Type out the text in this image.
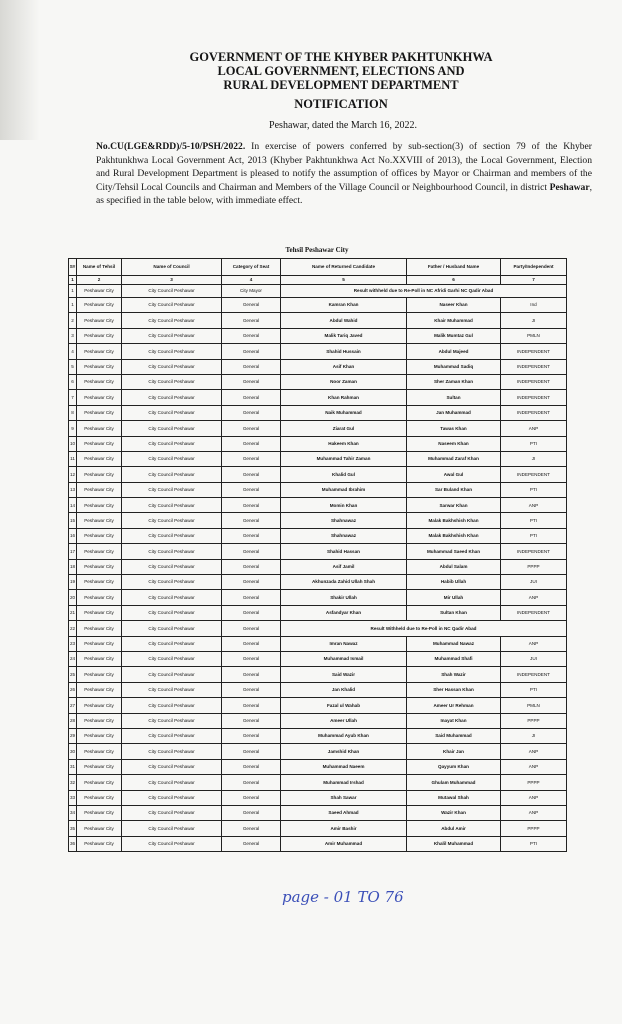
GOVERNMENT OF THE KHYBER PAKHTUNKHWA
LOCAL GOVERNMENT, ELECTIONS AND
RURAL DEVELOPMENT DEPARTMENT
NOTIFICATION
Peshawar, dated the March 16, 2022.
No.CU(LGE&RDD)/5-10/PSH/2022. In exercise of powers conferred by sub-section(3) of section 79 of the Khyber Pakhtunkhwa Local Government Act, 2013 (Khyber Pakhtunkhwa Act No.XXVIII of 2013), the Local Government, Election and Rural Development Department is pleased to notify the assumption of offices by Mayor or Chairman and members of the City/Tehsil Local Councils and Chairman and Members of the Village Council or Neighbourhood Council, in district Peshawar, as specified in the table below, with immediate effect.
Tehsil Peshawar City
S#	Name of Tehsil	Name of Council	Category of Seat	Name of Returned Candidate	Father / Husband Name	Party/Independent
1	2	3	4	5	6	7
1	Peshawar City	City Council Peshawar	City Mayor	Result withheld due to Re-Poll in NC Afridi Garhi NC Qadir Abad		
1	Peshawar City	City Council Peshawar	General	Kamran Khan	Naseer Khan	Ind
2	Peshawar City	City Council Peshawar	General	Abdul Wahid	Khair Muhammad	JI
3	Peshawar City	City Council Peshawar	General	Malik Tariq Javed	Malik Mumtaz Gul	PMLN
4	Peshawar City	City Council Peshawar	General	Shahid Hussain	Abdul Majeed	INDEPENDENT
5	Peshawar City	City Council Peshawar	General	Asif Khan	Muhammad Sadiq	INDEPENDENT
6	Peshawar City	City Council Peshawar	General	Noor Zaman	Sher Zaman Khan	INDEPENDENT
7	Peshawar City	City Council Peshawar	General	Khan Rahman	Sultan	INDEPENDENT
8	Peshawar City	City Council Peshawar	General	Naik Muhammad	Jan Muhammad	INDEPENDENT
9	Peshawar City	City Council Peshawar	General	Ziarat Gul	Tawas Khan	ANP
10	Peshawar City	City Council Peshawar	General	Hakeem Khan	Naseem Khan	PTI
11	Peshawar City	City Council Peshawar	General	Muhammad Tahir Zaman	Muhammad Zaraf Khan	JI
12	Peshawar City	City Council Peshawar	General	Khalid Gul	Awal Gul	INDEPENDENT
13	Peshawar City	City Council Peshawar	General	Muhammad Ibrahim	Sar Buland Khan	PTI
14	Peshawar City	City Council Peshawar	General	Momin Khan	Sarwar Khan	ANP
15	Peshawar City	City Council Peshawar	General	Shahnawaz	Malak Bakhshish Khan	PTI
16	Peshawar City	City Council Peshawar	General	Shahnawaz	Malak Bakhshish Khan	PTI
17	Peshawar City	City Council Peshawar	General	Shahid Hassan	Muhammad Saeed Khan	INDEPENDENT
18	Peshawar City	City Council Peshawar	General	Asif Jamil	Abdul Salam	PPPP
19	Peshawar City	City Council Peshawar	General	Akhunzada Zahid Ullah Shah	Habib Ullah	JUI
20	Peshawar City	City Council Peshawar	General	Shakir Ullah	Mir Ullah	ANP
21	Peshawar City	City Council Peshawar	General	Asfandyar Khan	Sultan Khan	INDEPENDENT
22	Peshawar City	City Council Peshawar	General	Result Withheld due to Re-Poll in NC Qadir Abad		
23	Peshawar City	City Council Peshawar	General	Imran Nawaz	Muhammad Nawaz	ANP
24	Peshawar City	City Council Peshawar	General	Muhammad Ismail	Muhammad Shafi	JUI
25	Peshawar City	City Council Peshawar	General	Said Wazir	Shah Wazir	INDEPENDENT
26	Peshawar City	City Council Peshawar	General	Jan Khalid	Sher Hassan Khan	PTI
27	Peshawar City	City Council Peshawar	General	Fazal ul Wahab	Ameer Ur Rehman	PMLN
28	Peshawar City	City Council Peshawar	General	Ameer Ullah	Inayat Khan	PPPP
29	Peshawar City	City Council Peshawar	General	Muhammad Ayub Khan	Said Muhammad	JI
30	Peshawar City	City Council Peshawar	General	Jamshid Khan	Khair Jan	ANP
31	Peshawar City	City Council Peshawar	General	Muhammad Naeem	Qayyum Khan	ANP
32	Peshawar City	City Council Peshawar	General	Muhammad Irshad	Ghulam Muhammad	PPPP
33	Peshawar City	City Council Peshawar	General	Shah Sawar	Mutawal Shah	ANP
34	Peshawar City	City Council Peshawar	General	Saeed Ahmad	Wazir Khan	ANP
35	Peshawar City	City Council Peshawar	General	Amir Bashir	Abdul Amir	PPPP
36	Peshawar City	City Council Peshawar	General	Amir Muhammad	Khalil Muhammad	PTI
page - 01 TO 76
